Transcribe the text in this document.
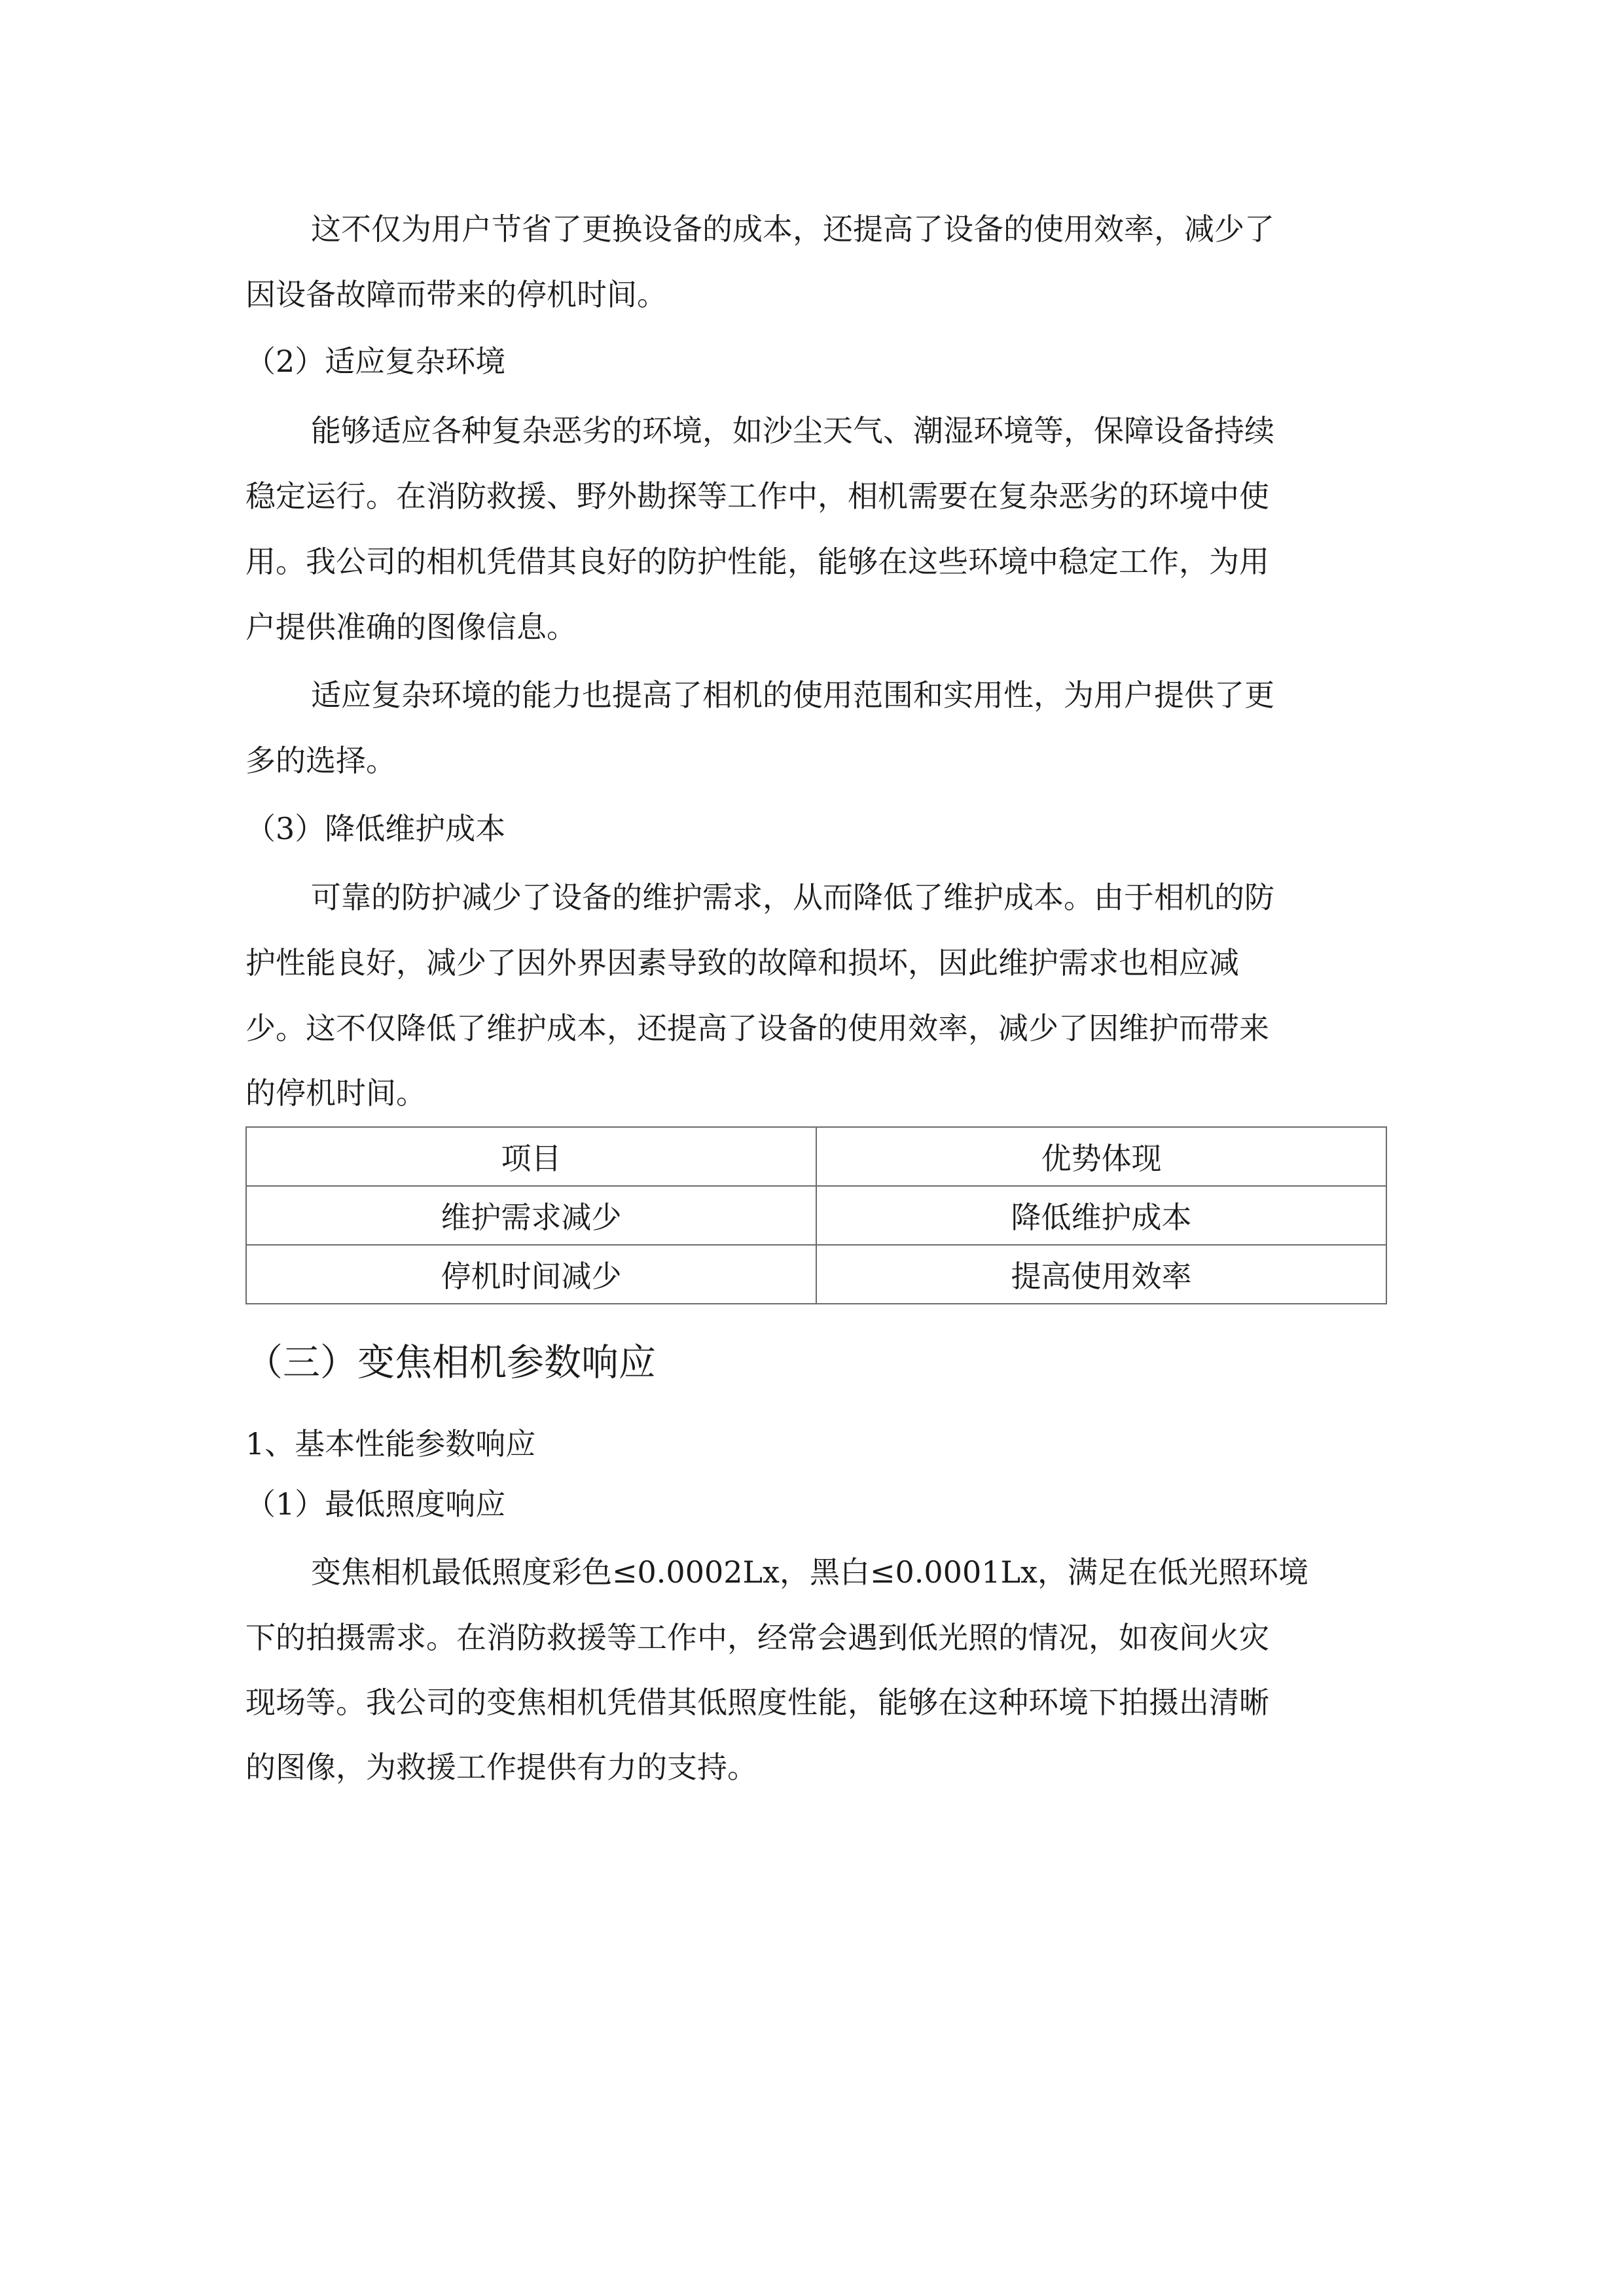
这不仅为用户节省了更换设备的成本，还提高了设备的使用效率，减少了
因设备故障而带来的停机时间。
（2）适应复杂环境
能够适应各种复杂恶劣的环境，如沙尘天气、潮湿环境等，保障设备持续
稳定运行。在消防救援、野外勘探等工作中，相机需要在复杂恶劣的环境中使
用。我公司的相机凭借其良好的防护性能，能够在这些环境中稳定工作，为用
户提供准确的图像信息。
适应复杂环境的能力也提高了相机的使用范围和实用性，为用户提供了更
多的选择。
（3）降低维护成本
可靠的防护减少了设备的维护需求，从而降低了维护成本。由于相机的防
护性能良好，减少了因外界因素导致的故障和损坏，因此维护需求也相应减
少。这不仅降低了维护成本，还提高了设备的使用效率，减少了因维护而带来
的停机时间。
项目	优势体现
维护需求减少	降低维护成本
停机时间减少	提高使用效率
（三）变焦相机参数响应
1、基本性能参数响应
（1）最低照度响应
变焦相机最低照度彩色≤0.0002Lx，黑白≤0.0001Lx，满足在低光照环境
下的拍摄需求。在消防救援等工作中，经常会遇到低光照的情况，如夜间火灾
现场等。我公司的变焦相机凭借其低照度性能，能够在这种环境下拍摄出清晰
的图像，为救援工作提供有力的支持。
